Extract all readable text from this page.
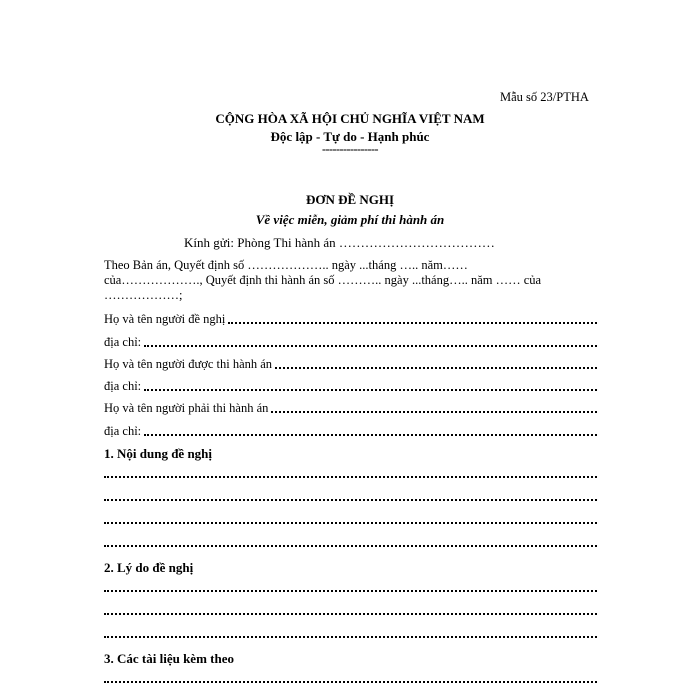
Mẫu số 23/PTHA
CỘNG HÒA XÃ HỘI CHỦ NGHĨA VIỆT NAM
Độc lập - Tự do - Hạnh phúc
----------------
ĐƠN ĐỀ NGHỊ
Về việc miễn, giảm phí thi hành án
Kính gửi: Phòng Thi hành án ………………………………
Theo Bản án, Quyết định số ……………….. ngày ...tháng ….. năm……
của………………., Quyết định thi hành án số ……….. ngày ...tháng….. năm …… của
………………;
Họ và tên người đề nghị
địa chỉ:
Họ và tên người được thi hành án
địa chỉ:
Họ và tên người phải thi hành án
địa chỉ:
1. Nội dung đề nghị
2. Lý do đề nghị
3. Các tài liệu kèm theo
